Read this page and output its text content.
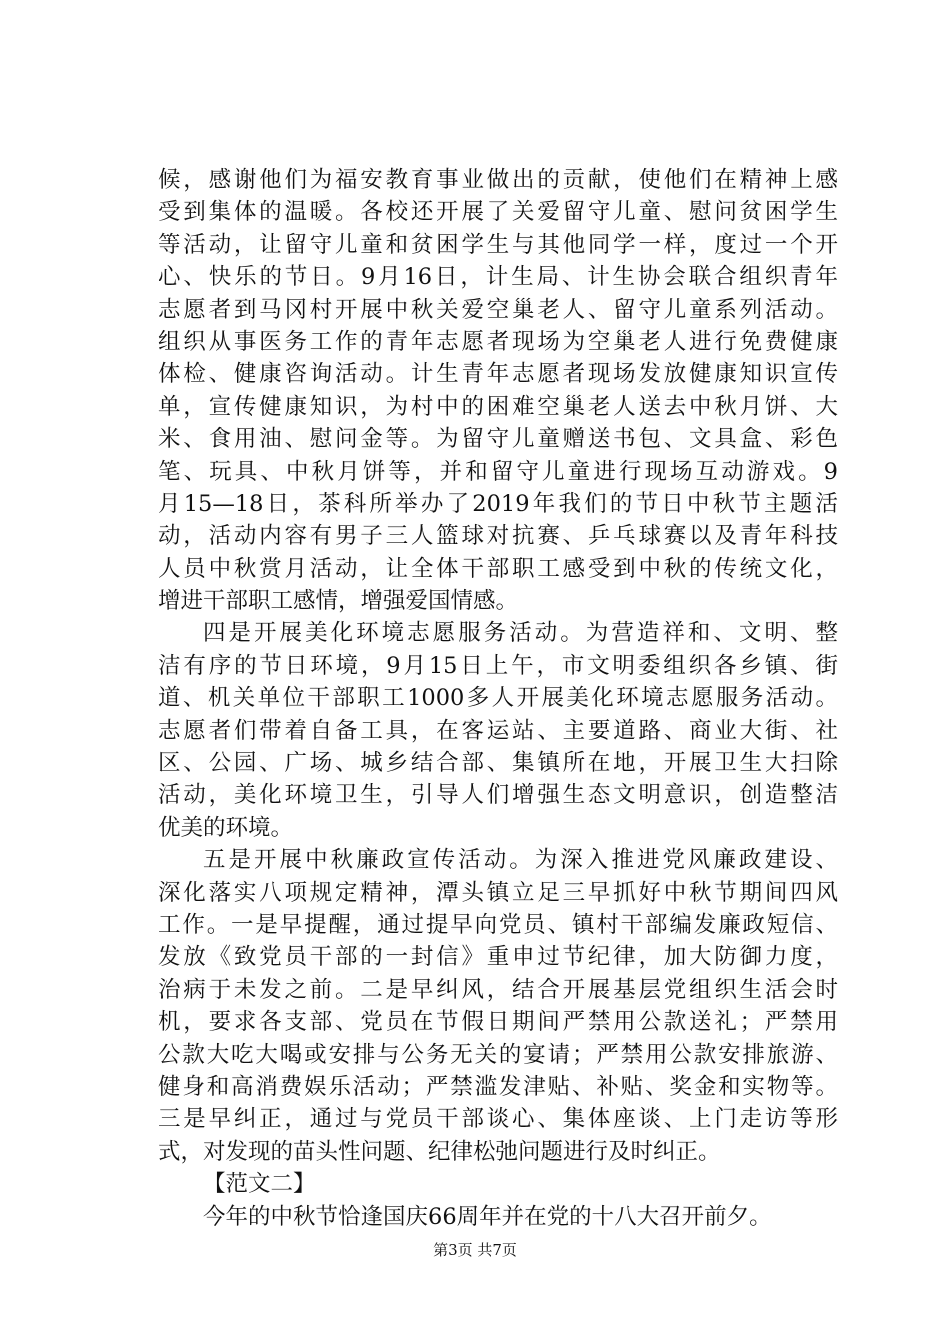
候，感谢他们为福安教育事业做出的贡献，使他们在精神上感
受到集体的温暖。各校还开展了关爱留守儿童、慰问贫困学生
等活动，让留守儿童和贫困学生与其他同学一样，度过一个开
心、快乐的节日。9月16日，计生局、计生协会联合组织青年
志愿者到马冈村开展中秋关爱空巢老人、留守儿童系列活动。
组织从事医务工作的青年志愿者现场为空巢老人进行免费健康
体检、健康咨询活动。计生青年志愿者现场发放健康知识宣传
单，宣传健康知识，为村中的困难空巢老人送去中秋月饼、大
米、食用油、慰问金等。为留守儿童赠送书包、文具盒、彩色
笔、玩具、中秋月饼等，并和留守儿童进行现场互动游戏。9
月15—18日，茶科所举办了2019年我们的节日中秋节主题活
动，活动内容有男子三人篮球对抗赛、乒乓球赛以及青年科技
人员中秋赏月活动，让全体干部职工感受到中秋的传统文化，
增进干部职工感情，增强爱国情感。
四是开展美化环境志愿服务活动。为营造祥和、文明、整
洁有序的节日环境，9月15日上午，市文明委组织各乡镇、街
道、机关单位干部职工1000多人开展美化环境志愿服务活动。
志愿者们带着自备工具，在客运站、主要道路、商业大街、社
区、公园、广场、城乡结合部、集镇所在地，开展卫生大扫除
活动，美化环境卫生，引导人们增强生态文明意识，创造整洁
优美的环境。
五是开展中秋廉政宣传活动。为深入推进党风廉政建设、
深化落实八项规定精神，潭头镇立足三早抓好中秋节期间四风
工作。一是早提醒，通过提早向党员、镇村干部编发廉政短信、
发放《致党员干部的一封信》重申过节纪律，加大防御力度，
治病于未发之前。二是早纠风，结合开展基层党组织生活会时
机，要求各支部、党员在节假日期间严禁用公款送礼；严禁用
公款大吃大喝或安排与公务无关的宴请；严禁用公款安排旅游、
健身和高消费娱乐活动；严禁滥发津贴、补贴、奖金和实物等。
三是早纠正，通过与党员干部谈心、集体座谈、上门走访等形
式，对发现的苗头性问题、纪律松弛问题进行及时纠正。
【范文二】
今年的中秋节恰逢国庆66周年并在党的十八大召开前夕。
第3页 共7页
